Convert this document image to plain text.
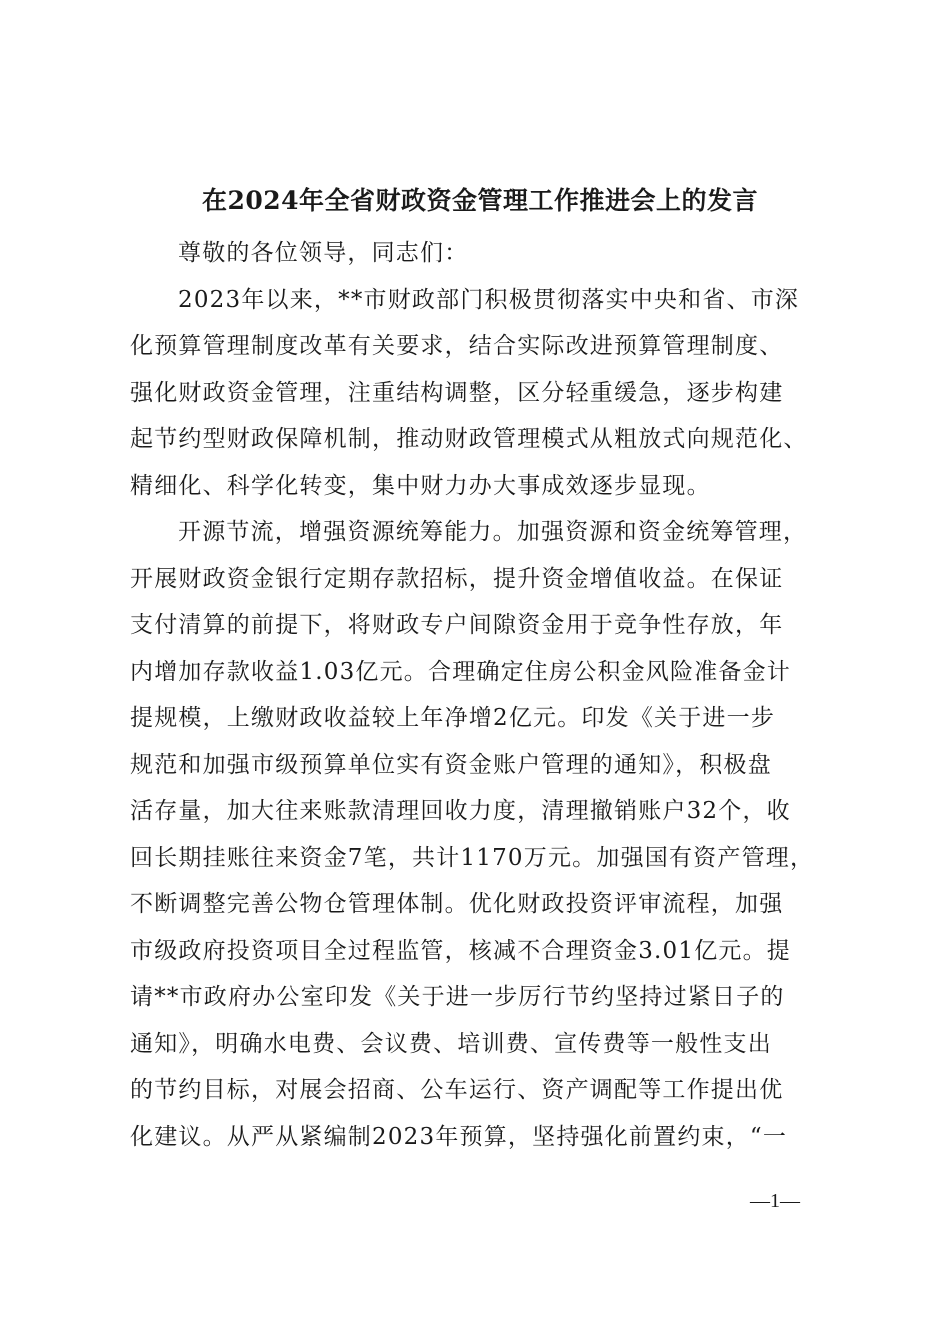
在2024年全省财政资金管理工作推进会上的发言
尊敬的各位领导，同志们：
2023年以来，**市财政部门积极贯彻落实中央和省、市深
化预算管理制度改革有关要求，结合实际改进预算管理制度、
强化财政资金管理，注重结构调整，区分轻重缓急，逐步构建
起节约型财政保障机制，推动财政管理模式从粗放式向规范化、
精细化、科学化转变，集中财力办大事成效逐步显现。
开源节流，增强资源统筹能力。加强资源和资金统筹管理，
开展财政资金银行定期存款招标，提升资金增值收益。在保证
支付清算的前提下，将财政专户间隙资金用于竞争性存放，年
内增加存款收益1.03亿元。合理确定住房公积金风险准备金计
提规模，上缴财政收益较上年净增2亿元。印发《关于进一步
规范和加强市级预算单位实有资金账户管理的通知》，积极盘
活存量，加大往来账款清理回收力度，清理撤销账户32个，收
回长期挂账往来资金7笔，共计1170万元。加强国有资产管理，
不断调整完善公物仓管理体制。优化财政投资评审流程，加强
市级政府投资项目全过程监管，核减不合理资金3.01亿元。提
请**市政府办公室印发《关于进一步厉行节约坚持过紧日子的
通知》，明确水电费、会议费、培训费、宣传费等一般性支出
的节约目标，对展会招商、公车运行、资产调配等工作提出优
化建议。从严从紧编制2023年预算，坚持强化前置约束，“一
—1—
